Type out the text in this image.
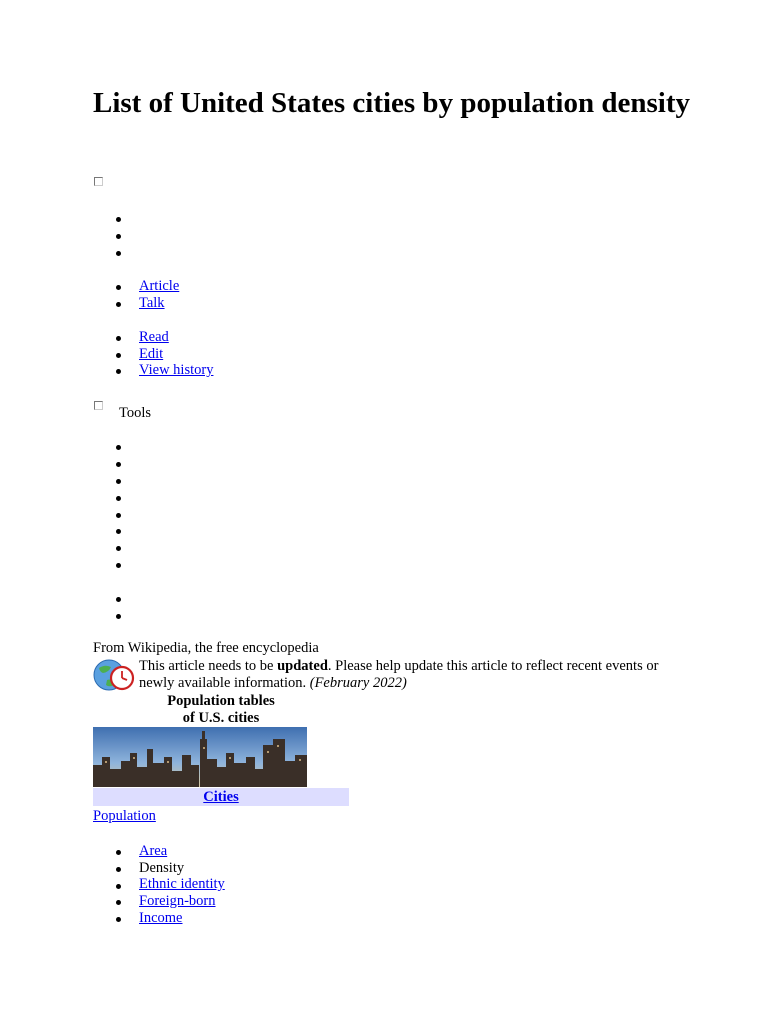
List of United States cities by population density
Article
Talk
Read
Edit
View history
Tools
From Wikipedia, the free encyclopedia
This article needs to be updated. Please help update this article to reflect recent events or newly available information. (February 2022)
Population tables
of U.S. cities
Cities
Population
Area
Density
Ethnic identity
Foreign-born
Income
